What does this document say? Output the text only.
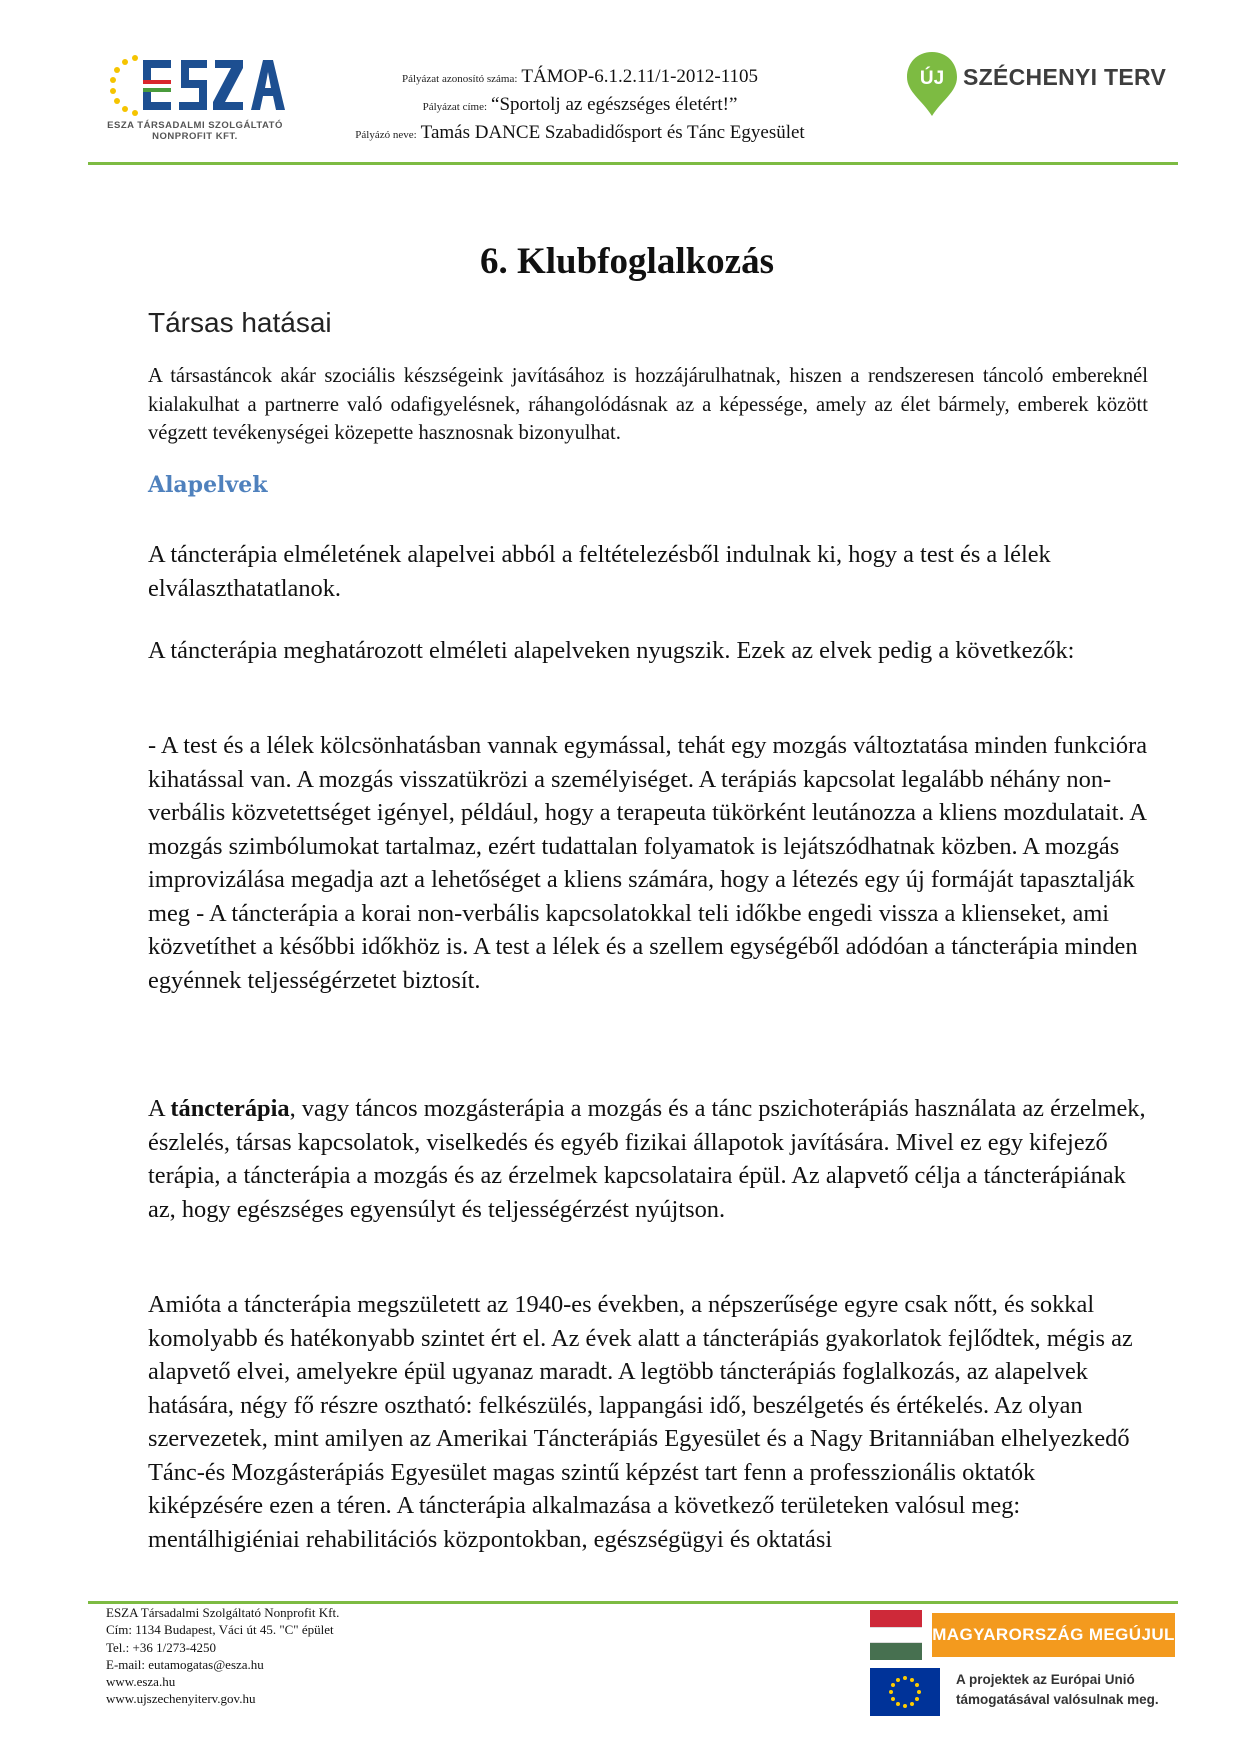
ESZA
ESZA TÁRSADALMI SZOLGÁLTATÓ
NONPROFIT KFT.
Pályázat azonosító száma: TÁMOP-6.1.2.11/1-2012-1105
Pályázat címe: “Sportolj az egészséges életért!”
Pályázó neve: Tamás DANCE Szabadidősport és Tánc Egyesület
ÚJ SZÉCHENYI TERV
6. Klubfoglalkozás
Társas hatásai
A társastáncok akár szociális készségeink javításához is hozzájárulhatnak, hiszen a rendszeresen táncoló embereknél kialakulhat a partnerre való odafigyelésnek, ráhangolódásnak az a képessége, amely az élet bármely, emberek között végzett tevékenységei közepette hasznosnak bizonyulhat.
Alapelvek
A táncterápia elméletének alapelvei abból a feltételezésből indulnak ki, hogy a test és a lélek elválaszthatatlanok.
A táncterápia meghatározott elméleti alapelveken nyugszik. Ezek az elvek pedig a következők:
- A test és a lélek kölcsönhatásban vannak egymással, tehát egy mozgás változtatása minden funkcióra kihatással van. A mozgás visszatükrözi a személyiséget. A terápiás kapcsolat legalább néhány non-verbális közvetettséget igényel, például, hogy a terapeuta tükörként leutánozza a kliens mozdulatait. A mozgás szimbólumokat tartalmaz, ezért tudattalan folyamatok is lejátszódhatnak közben. A mozgás improvizálása megadja azt a lehetőséget a kliens számára, hogy a létezés egy új formáját tapasztalják meg - A táncterápia a korai non-verbális kapcsolatokkal teli időkbe engedi vissza a klienseket, ami közvetíthet a későbbi időkhöz is. A test a lélek és a szellem egységéből adódóan a táncterápia minden egyénnek teljességérzetet biztosít.
A táncterápia, vagy táncos mozgásterápia a mozgás és a tánc pszichoterápiás használata az érzelmek, észlelés, társas kapcsolatok, viselkedés és egyéb fizikai állapotok javítására. Mivel ez egy kifejező terápia, a táncterápia a mozgás és az érzelmek kapcsolataira épül. Az alapvető célja a táncterápiának az, hogy egészséges egyensúlyt és teljességérzést nyújtson.
Amióta a táncterápia megszületett az 1940-es években, a népszerűsége egyre csak nőtt, és sokkal komolyabb és hatékonyabb szintet ért el. Az évek alatt a táncterápiás gyakorlatok fejlődtek, mégis az alapvető elvei, amelyekre épül ugyanaz maradt. A legtöbb táncterápiás foglalkozás, az alapelvek hatására, négy fő részre osztható: felkészülés, lappangási idő, beszélgetés és értékelés. Az olyan szervezetek, mint amilyen az Amerikai Táncterápiás Egyesület és a Nagy Britanniában elhelyezkedő Tánc-és Mozgásterápiás Egyesület magas szintű képzést tart fenn a professzionális oktatók kiképzésére ezen a téren. A táncterápia alkalmazása a következő területeken valósul meg: mentálhigiéniai rehabilitációs központokban, egészségügyi és oktatási
ESZA Társadalmi Szolgáltató Nonprofit Kft.
Cím: 1134 Budapest, Váci út 45. "C" épület
Tel.: +36 1/273-4250
E-mail: eutamogatas@esza.hu
www.esza.hu
www.ujszechenyiterv.gov.hu
MAGYARORSZÁG MEGÚJUL
A projektek az Európai Unió
támogatásával valósulnak meg.
